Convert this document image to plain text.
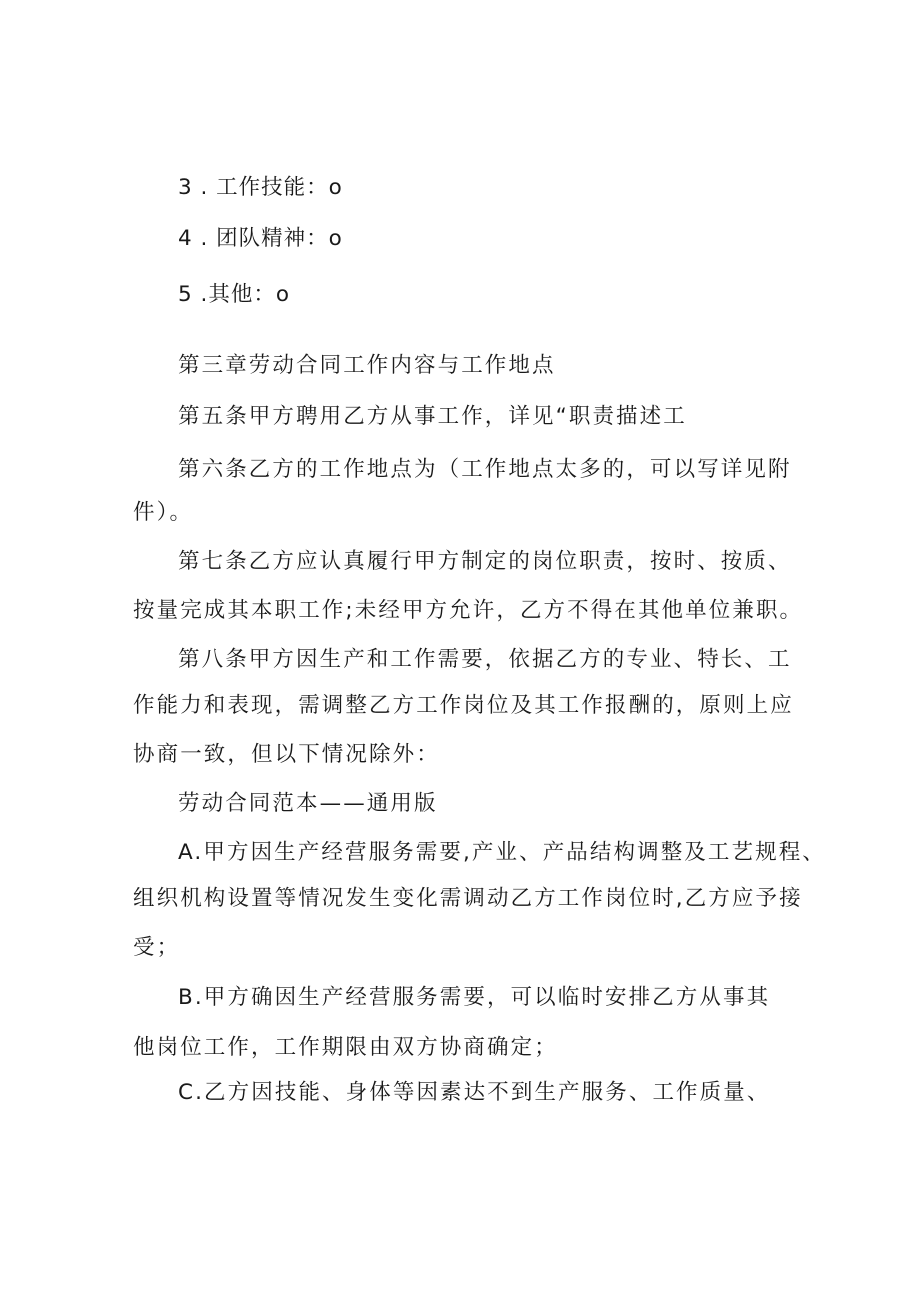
3 . 工作技能：o
4 . 团队精神：o
5 .其他：o
第三章劳动合同工作内容与工作地点
第五条甲方聘用乙方从事工作，详见“职责描述工
第六条乙方的工作地点为（工作地点太多的，可以写详见附
件）。
第七条乙方应认真履行甲方制定的岗位职责，按时、按质、
按量完成其本职工作;未经甲方允许，乙方不得在其他单位兼职。
第八条甲方因生产和工作需要，依据乙方的专业、特长、工
作能力和表现，需调整乙方工作岗位及其工作报酬的，原则上应
协商一致，但以下情况除外：
劳动合同范本——通用版
A.甲方因生产经营服务需要,产业、产品结构调整及工艺规程、
组织机构设置等情况发生变化需调动乙方工作岗位时,乙方应予接
受；
B.甲方确因生产经营服务需要，可以临时安排乙方从事其
他岗位工作，工作期限由双方协商确定；
C.乙方因技能、身体等因素达不到生产服务、工作质量、
